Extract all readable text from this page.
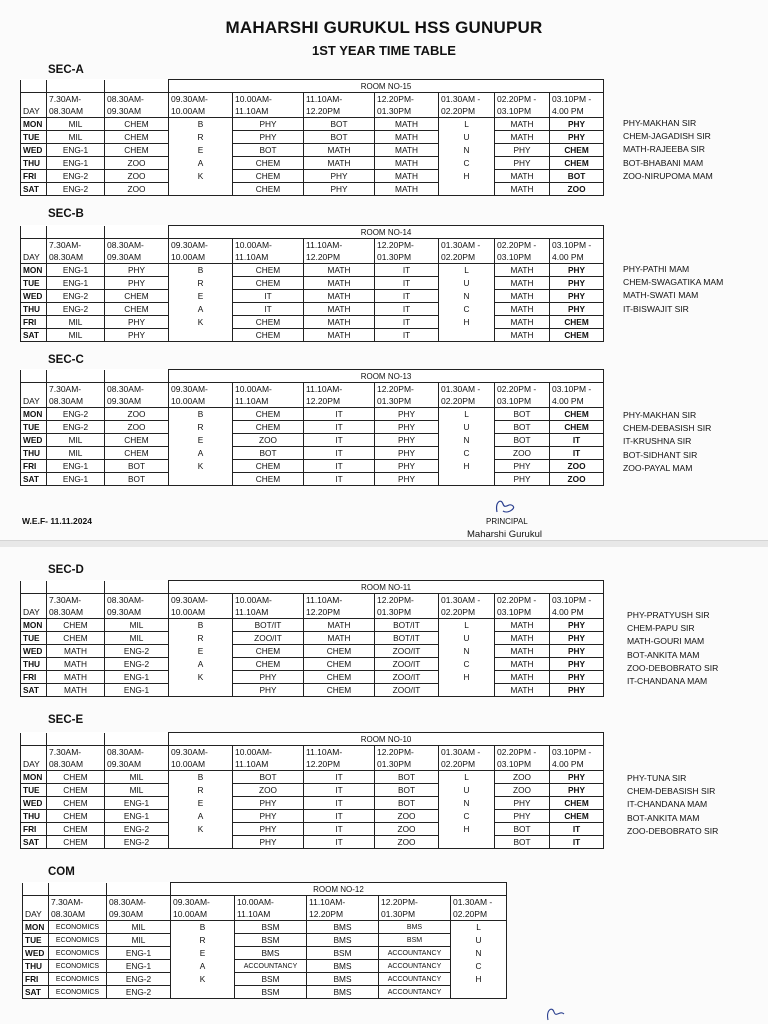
MAHARSHI GURUKUL HSS GUNUPUR
1ST YEAR TIME TABLE
SEC-A
			ROOM NO-15						
	7.30AM-	08.30AM-	09.30AM-	10.00AM-	11.10AM-	12.20PM-	01.30AM -	02.20PM -	03.10PM -
DAY	08.30AM	09.30AM	10.00AM	11.10AM	12.20PM	01.30PM	02.20PM	03.10PM	4.00 PM
MON	MIL	CHEM	B	PHY	BOT	MATH	L	MATH	PHY
TUE	MIL	CHEM	R	PHY	BOT	MATH	U	MATH	PHY
WED	ENG-1	CHEM	E	BOT	MATH	MATH	N	PHY	CHEM
THU	ENG-1	ZOO	A	CHEM	MATH	MATH	C	PHY	CHEM
FRI	ENG-2	ZOO	K	CHEM	PHY	MATH	H	MATH	BOT
SAT	ENG-2	ZOO		CHEM	PHY	MATH		MATH	ZOO
PHY-MAKHAN SIR
CHEM-JAGADISH SIR
MATH-RAJEEBA SIR
BOT-BHABANI MAM
ZOO-NIRUPOMA MAM
SEC-B
			ROOM NO-14						
	7.30AM-	08.30AM-	09.30AM-	10.00AM-	11.10AM-	12.20PM-	01.30AM -	02.20PM -	03.10PM -
DAY	08.30AM	09.30AM	10.00AM	11.10AM	12.20PM	01.30PM	02.20PM	03.10PM	4.00 PM
MON	ENG-1	PHY	B	CHEM	MATH	IT	L	MATH	PHY
TUE	ENG-1	PHY	R	CHEM	MATH	IT	U	MATH	PHY
WED	ENG-2	CHEM	E	IT	MATH	IT	N	MATH	PHY
THU	ENG-2	CHEM	A	IT	MATH	IT	C	MATH	PHY
FRI	MIL	PHY	K	CHEM	MATH	IT	H	MATH	CHEM
SAT	MIL	PHY		CHEM	MATH	IT		MATH	CHEM
PHY-PATHI MAM
CHEM-SWAGATIKA MAM
MATH-SWATI MAM
IT-BISWAJIT SIR
SEC-C
			ROOM NO-13						
	7.30AM-	08.30AM-	09.30AM-	10.00AM-	11.10AM-	12.20PM-	01.30AM -	02.20PM -	03.10PM -
DAY	08.30AM	09.30AM	10.00AM	11.10AM	12.20PM	01.30PM	02.20PM	03.10PM	4.00 PM
MON	ENG-2	ZOO	B	CHEM	IT	PHY	L	BOT	CHEM
TUE	ENG-2	ZOO	R	CHEM	IT	PHY	U	BOT	CHEM
WED	MIL	CHEM	E	ZOO	IT	PHY	N	BOT	IT
THU	MIL	CHEM	A	BOT	IT	PHY	C	ZOO	IT
FRI	ENG-1	BOT	K	CHEM	IT	PHY	H	PHY	ZOO
SAT	ENG-1	BOT		CHEM	IT	PHY		PHY	ZOO
PHY-MAKHAN SIR
CHEM-DEBASISH SIR
IT-KRUSHNA SIR
BOT-SIDHANT SIR
ZOO-PAYAL MAM
W.E.F- 11.11.2024	PRINCIPAL
Maharshi Gurukul
SEC-D
			ROOM NO-11						
	7.30AM-	08.30AM-	09.30AM-	10.00AM-	11.10AM-	12.20PM-	01.30AM -	02.20PM -	03.10PM -
DAY	08.30AM	09.30AM	10.00AM	11.10AM	12.20PM	01.30PM	02.20PM	03.10PM	4.00 PM
MON	CHEM	MIL	B	BOT/IT	MATH	BOT/IT	L	MATH	PHY
TUE	CHEM	MIL	R	ZOO/IT	MATH	BOT/IT	U	MATH	PHY
WED	MATH	ENG-2	E	CHEM	CHEM	ZOO/IT	N	MATH	PHY
THU	MATH	ENG-2	A	CHEM	CHEM	ZOO/IT	C	MATH	PHY
FRI	MATH	ENG-1	K	PHY	CHEM	ZOO/IT	H	MATH	PHY
SAT	MATH	ENG-1		PHY	CHEM	ZOO/IT		MATH	PHY
PHY-PRATYUSH SIR
CHEM-PAPU SIR
MATH-GOURI MAM
BOT-ANKITA MAM
ZOO-DEBOBRATO SIR
IT-CHANDANA MAM
SEC-E
			ROOM NO-10						
	7.30AM-	08.30AM-	09.30AM-	10.00AM-	11.10AM-	12.20PM-	01.30AM -	02.20PM -	03.10PM -
DAY	08.30AM	09.30AM	10.00AM	11.10AM	12.20PM	01.30PM	02.20PM	03.10PM	4.00 PM
MON	CHEM	MIL	B	BOT	IT	BOT	L	ZOO	PHY
TUE	CHEM	MIL	R	ZOO	IT	BOT	U	ZOO	PHY
WED	CHEM	ENG-1	E	PHY	IT	BOT	N	PHY	CHEM
THU	CHEM	ENG-1	A	PHY	IT	ZOO	C	PHY	CHEM
FRI	CHEM	ENG-2	K	PHY	IT	ZOO	H	BOT	IT
SAT	CHEM	ENG-2		PHY	IT	ZOO		BOT	IT
PHY-TUNA SIR
CHEM-DEBASISH SIR
IT-CHANDANA MAM
BOT-ANKITA MAM
ZOO-DEBOBRATO SIR
COM
			ROOM NO-12				
	7.30AM-	08.30AM-	09.30AM-	10.00AM-	11.10AM-	12.20PM-	01.30AM -
DAY	08.30AM	09.30AM	10.00AM	11.10AM	12.20PM	01.30PM	02.20PM
MON	ECONOMICS	MIL	B	BSM	BMS	BMS	L
TUE	ECONOMICS	MIL	R	BSM	BMS	BSM	U
WED	ECONOMICS	ENG-1	E	BMS	BSM	ACCOUNTANCY	N
THU	ECONOMICS	ENG-1	A	ACCOUNTANCY	BMS	ACCOUNTANCY	C
FRI	ECONOMICS	ENG-2	K	BSM	BMS	ACCOUNTANCY	H
SAT	ECONOMICS	ENG-2		BSM	BMS	ACCOUNTANCY	
